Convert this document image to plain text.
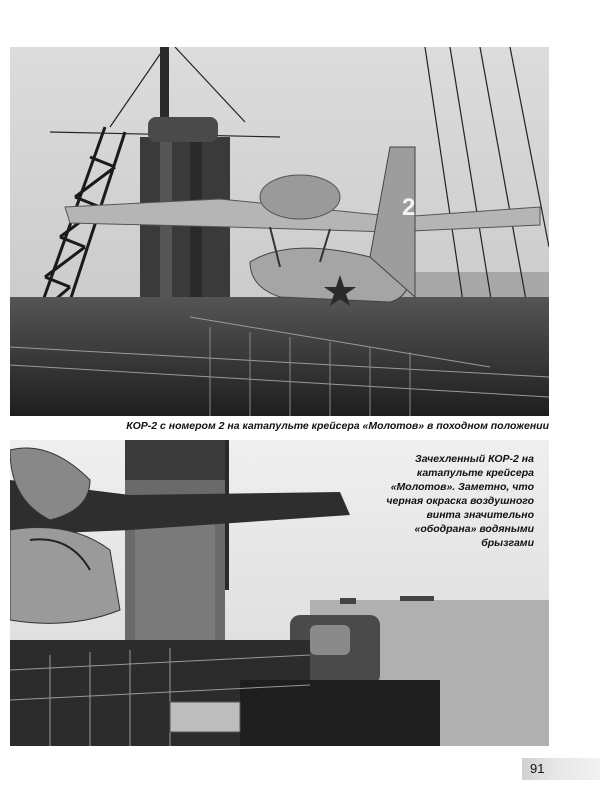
2
КОР-2 с номером 2 на катапульте крейсера «Молотов» в походном положении
Зачехленный КОР-2 на катапульте крейсера «Молотов». Заметно, что черная окраска воздушного винта значительно «ободрана» водяными брызгами
91
